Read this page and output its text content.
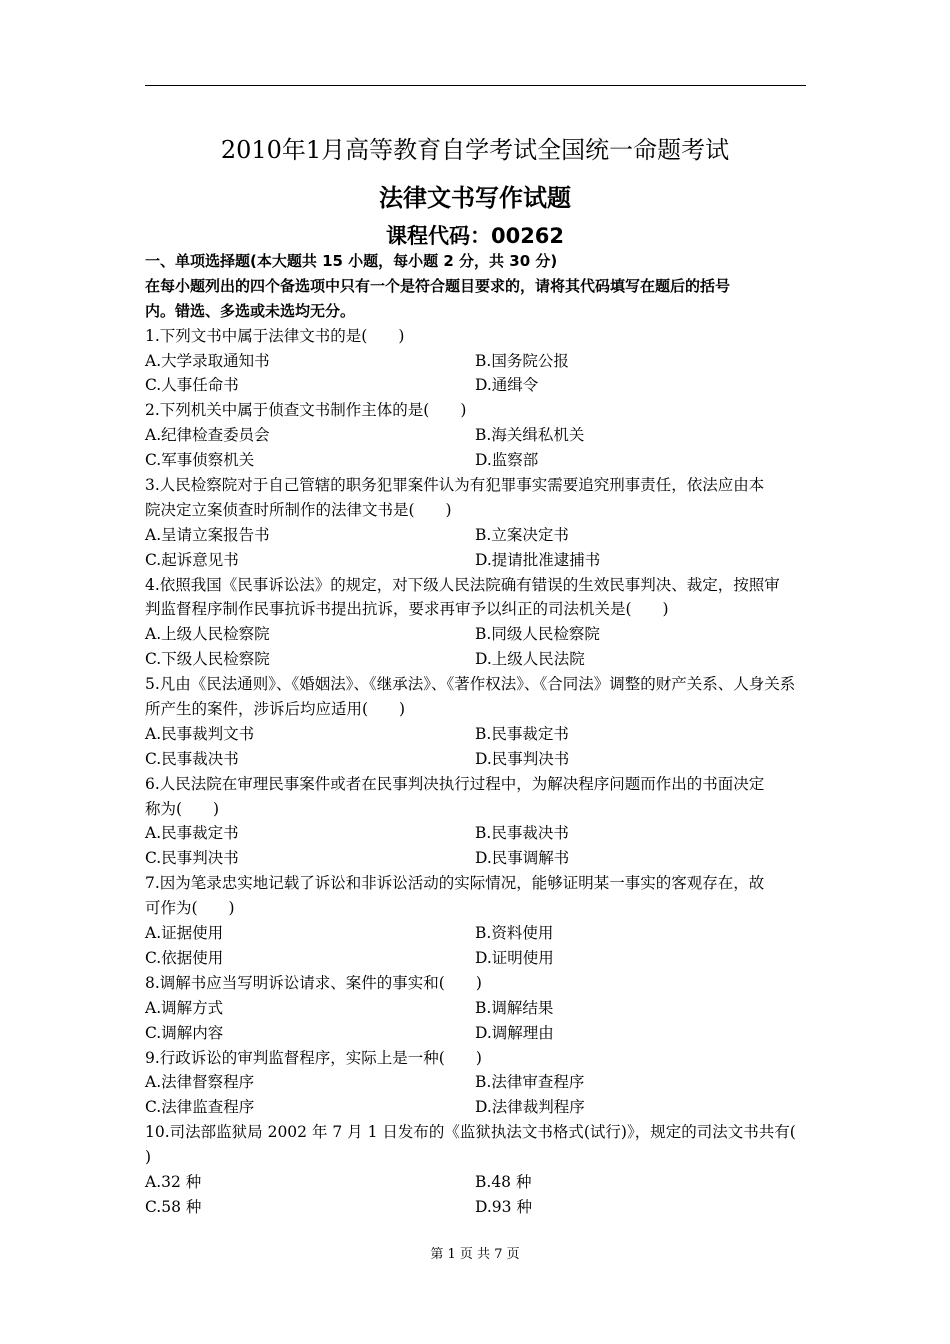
2010年1月高等教育自学考试全国统一命题考试
法律文书写作试题
课程代码：00262
一、单项选择题(本大题共 15 小题，每小题 2 分，共 30 分)
在每小题列出的四个备选项中只有一个是符合题目要求的，请将其代码填写在题后的括号
内。错选、多选或未选均无分。
1.下列文书中属于法律文书的是(　　)
A.大学录取通知书	B.国务院公报
C.人事任命书	D.通缉令
2.下列机关中属于侦查文书制作主体的是(　　)
A.纪律检查委员会	B.海关缉私机关
C.军事侦察机关	D.监察部
3.人民检察院对于自己管辖的职务犯罪案件认为有犯罪事实需要追究刑事责任，依法应由本
院决定立案侦查时所制作的法律文书是(　　)
A.呈请立案报告书	B.立案决定书
C.起诉意见书	D.提请批准逮捕书
4.依照我国《民事诉讼法》的规定，对下级人民法院确有错误的生效民事判决、裁定，按照审
判监督程序制作民事抗诉书提出抗诉，要求再审予以纠正的司法机关是(　　)
A.上级人民检察院	B.同级人民检察院
C.下级人民检察院	D.上级人民法院
5.凡由《民法通则》、《婚姻法》、《继承法》、《著作权法》、《合同法》调整的财产关系、人身关系
所产生的案件，涉诉后均应适用(　　)
A.民事裁判文书	B.民事裁定书
C.民事裁决书	D.民事判决书
6.人民法院在审理民事案件或者在民事判决执行过程中，为解决程序问题而作出的书面决定
称为(　　)
A.民事裁定书	B.民事裁决书
C.民事判决书	D.民事调解书
7.因为笔录忠实地记载了诉讼和非诉讼活动的实际情况，能够证明某一事实的客观存在，故
可作为(　　)
A.证据使用	B.资料使用
C.依据使用	D.证明使用
8.调解书应当写明诉讼请求、案件的事实和(　　)
A.调解方式	B.调解结果
C.调解内容	D.调解理由
9.行政诉讼的审判监督程序，实际上是一种(　　)
A.法律督察程序	B.法律审查程序
C.法律监查程序	D.法律裁判程序
10.司法部监狱局 2002 年 7 月 1 日发布的《监狱执法文书格式(试行)》，规定的司法文书共有(
)
A.32 种	B.48 种
C.58 种	D.93 种
第 1 页 共 7 页
